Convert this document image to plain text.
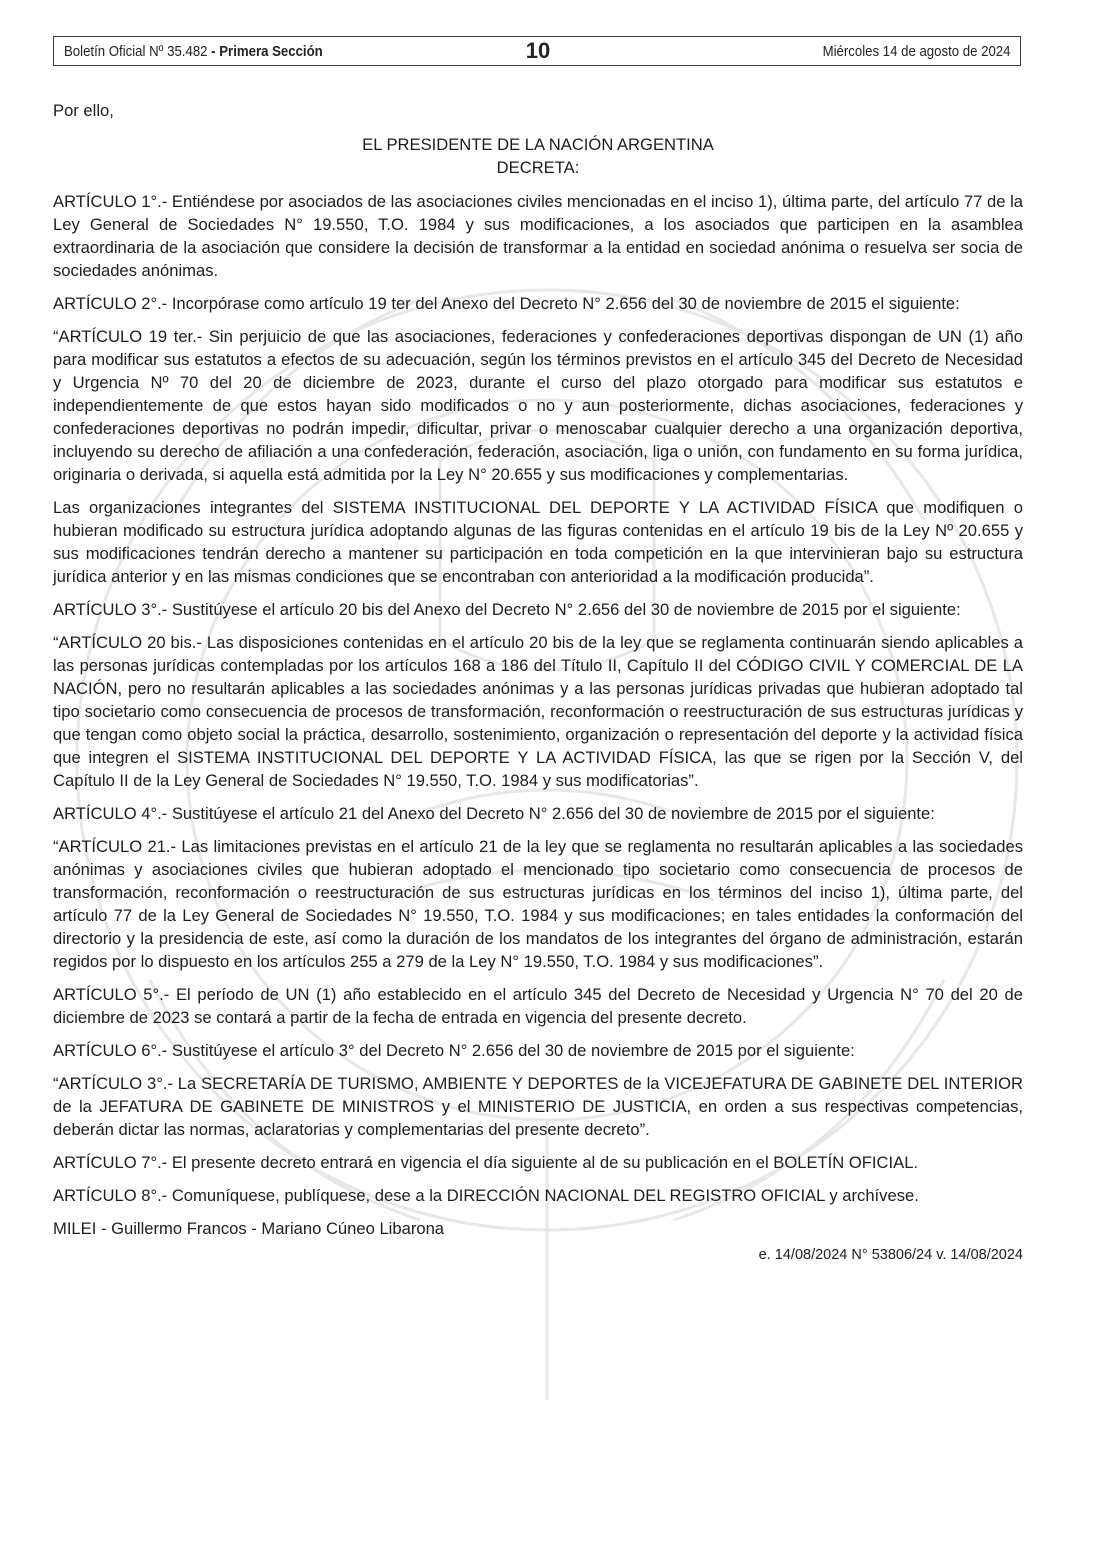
Boletín Oficial Nº 35.482 - Primera Sección	10	Miércoles 14 de agosto de 2024

Por ello,

EL PRESIDENTE DE LA NACIÓN ARGENTINA
DECRETA:

ARTÍCULO 1°.- Entiéndese por asociados de las asociaciones civiles mencionadas en el inciso 1), última parte, del artículo 77 de la Ley General de Sociedades N° 19.550, T.O. 1984 y sus modificaciones, a los asociados que participen en la asamblea extraordinaria de la asociación que considere la decisión de transformar a la entidad en sociedad anónima o resuelva ser socia de sociedades anónimas.

ARTÍCULO 2°.- Incorpórase como artículo 19 ter del Anexo del Decreto N° 2.656 del 30 de noviembre de 2015 el siguiente:

“ARTÍCULO 19 ter.- Sin perjuicio de que las asociaciones, federaciones y confederaciones deportivas dispongan de UN (1) año para modificar sus estatutos a efectos de su adecuación, según los términos previstos en el artículo 345 del Decreto de Necesidad y Urgencia Nº 70 del 20 de diciembre de 2023, durante el curso del plazo otorgado para modificar sus estatutos e independientemente de que estos hayan sido modificados o no y aun posteriormente, dichas asociaciones, federaciones y confederaciones deportivas no podrán impedir, dificultar, privar o menoscabar cualquier derecho a una organización deportiva, incluyendo su derecho de afiliación a una confederación, federación, asociación, liga o unión, con fundamento en su forma jurídica, originaria o derivada, si aquella está admitida por la Ley N° 20.655 y sus modificaciones y complementarias.

Las organizaciones integrantes del SISTEMA INSTITUCIONAL DEL DEPORTE Y LA ACTIVIDAD FÍSICA que modifiquen o hubieran modificado su estructura jurídica adoptando algunas de las figuras contenidas en el artículo 19 bis de la Ley Nº 20.655 y sus modificaciones tendrán derecho a mantener su participación en toda competición en la que intervinieran bajo su estructura jurídica anterior y en las mismas condiciones que se encontraban con anterioridad a la modificación producida”.

ARTÍCULO 3°.- Sustitúyese el artículo 20 bis del Anexo del Decreto N° 2.656 del 30 de noviembre de 2015 por el siguiente:

“ARTÍCULO 20 bis.- Las disposiciones contenidas en el artículo 20 bis de la ley que se reglamenta continuarán siendo aplicables a las personas jurídicas contempladas por los artículos 168 a 186 del Título II, Capítulo II del CÓDIGO CIVIL Y COMERCIAL DE LA NACIÓN, pero no resultarán aplicables a las sociedades anónimas y a las personas jurídicas privadas que hubieran adoptado tal tipo societario como consecuencia de procesos de transformación, reconformación o reestructuración de sus estructuras jurídicas y que tengan como objeto social la práctica, desarrollo, sostenimiento, organización o representación del deporte y la actividad física que integren el SISTEMA INSTITUCIONAL DEL DEPORTE Y LA ACTIVIDAD FÍSICA, las que se rigen por la Sección V, del Capítulo II de la Ley General de Sociedades N° 19.550, T.O. 1984 y sus modificatorias”.

ARTÍCULO 4°.- Sustitúyese el artículo 21 del Anexo del Decreto N° 2.656 del 30 de noviembre de 2015 por el siguiente:

“ARTÍCULO 21.- Las limitaciones previstas en el artículo 21 de la ley que se reglamenta no resultarán aplicables a las sociedades anónimas y asociaciones civiles que hubieran adoptado el mencionado tipo societario como consecuencia de procesos de transformación, reconformación o reestructuración de sus estructuras jurídicas en los términos del inciso 1), última parte, del artículo 77 de la Ley General de Sociedades N° 19.550, T.O. 1984 y sus modificaciones; en tales entidades la conformación del directorio y la presidencia de este, así como la duración de los mandatos de los integrantes del órgano de administración, estarán regidos por lo dispuesto en los artículos 255 a 279 de la Ley N° 19.550, T.O. 1984 y sus modificaciones”.

ARTÍCULO 5°.- El período de UN (1) año establecido en el artículo 345 del Decreto de Necesidad y Urgencia N° 70 del 20 de diciembre de 2023 se contará a partir de la fecha de entrada en vigencia del presente decreto.

ARTÍCULO 6°.- Sustitúyese el artículo 3° del Decreto N° 2.656 del 30 de noviembre de 2015 por el siguiente:

“ARTÍCULO 3°.- La SECRETARÍA DE TURISMO, AMBIENTE Y DEPORTES de la VICEJEFATURA DE GABINETE DEL INTERIOR de la JEFATURA DE GABINETE DE MINISTROS y el MINISTERIO DE JUSTICIA, en orden a sus respectivas competencias, deberán dictar las normas, aclaratorias y complementarias del presente decreto”.

ARTÍCULO 7°.- El presente decreto entrará en vigencia el día siguiente al de su publicación en el BOLETÍN OFICIAL.

ARTÍCULO 8°.- Comuníquese, publíquese, dese a la DIRECCIÓN NACIONAL DEL REGISTRO OFICIAL y archívese.

MILEI - Guillermo Francos - Mariano Cúneo Libarona

e. 14/08/2024 N° 53806/24 v. 14/08/2024
